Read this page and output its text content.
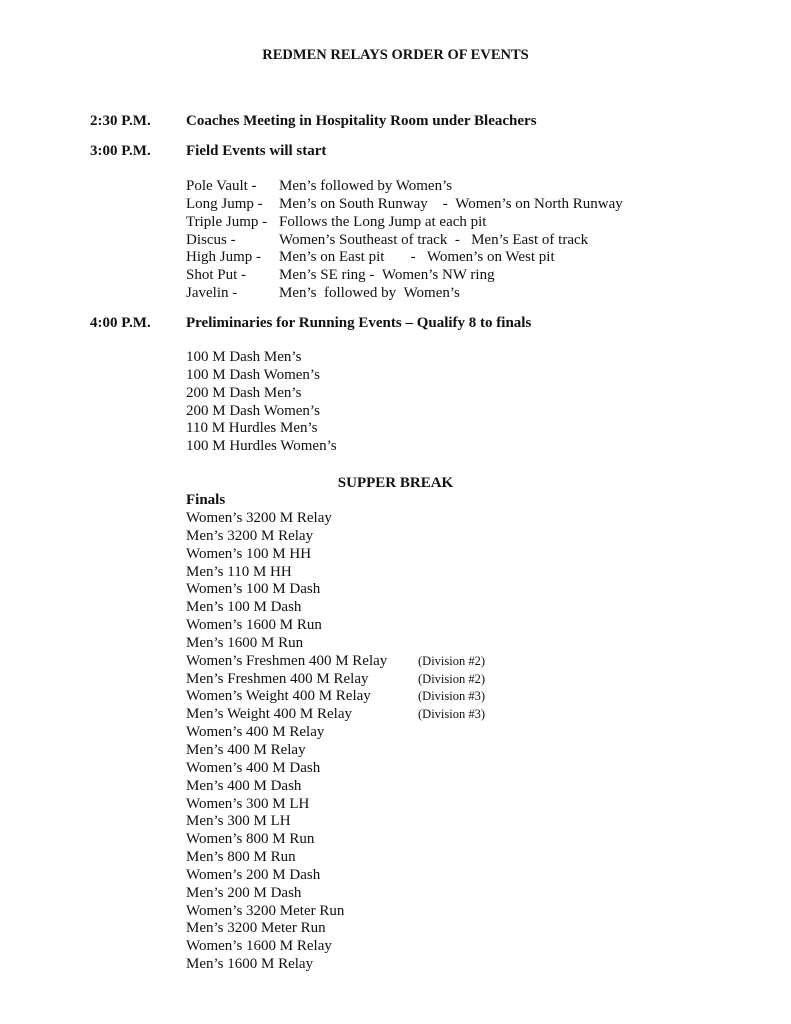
REDMEN RELAYS ORDER OF EVENTS
2:30 P.M. Coaches Meeting in Hospitality Room under Bleachers
3:00 P.M. Field Events will start
Pole Vault -	Men’s followed by Women’s
Long Jump -	Men’s on South Runway    -  Women’s on North Runway
Triple Jump - Follows the Long Jump at each pit
Discus -	Women’s Southeast of track  -   Men’s East of track
High Jump -	Men’s on East pit       -   Women’s on West pit
Shot Put -	Men’s SE ring -  Women’s NW ring
Javelin -	Men’s  followed by  Women’s
4:00 P.M. Preliminaries for Running Events – Qualify 8 to finals
100 M Dash Men’s
100 M Dash Women’s
200 M Dash Men’s
200 M Dash Women’s
110 M Hurdles Men’s
100 M Hurdles Women’s
SUPPER BREAK
Finals
Women’s 3200 M Relay
Men’s 3200 M Relay
Women’s 100 M HH
Men’s 110 M HH
Women’s 100 M Dash
Men’s 100 M Dash
Women’s 1600 M Run
Men’s 1600 M Run
Women’s Freshmen 400 M Relay	(Division #2)
Men’s Freshmen 400 M Relay	(Division #2)
Women’s Weight 400 M Relay	(Division #3)
Men’s Weight 400 M Relay	(Division #3)
Women’s 400 M Relay
Men’s 400 M Relay
Women’s 400 M Dash
Men’s 400 M Dash
Women’s 300 M LH
Men’s 300 M LH
Women’s 800 M Run
Men’s 800 M Run
Women’s 200 M Dash
Men’s 200 M Dash
Women’s 3200 Meter Run
Men’s 3200 Meter Run
Women’s 1600 M Relay
Men’s 1600 M Relay
